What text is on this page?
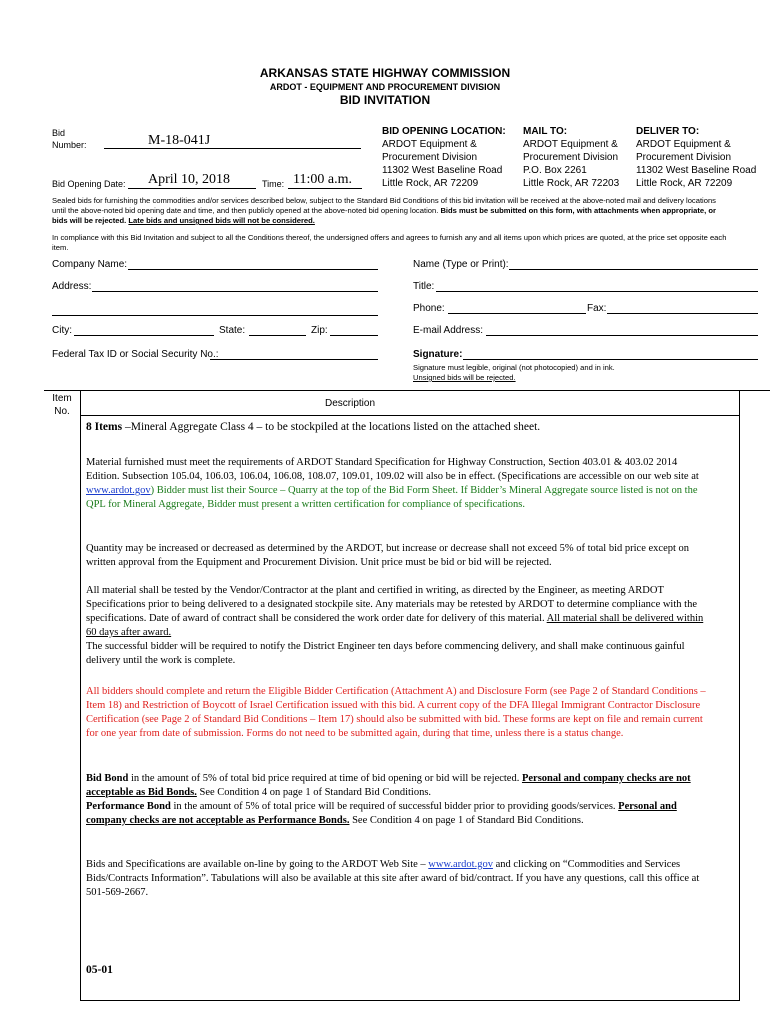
ARKANSAS STATE HIGHWAY COMMISSION
ARDOT - EQUIPMENT AND PROCUREMENT DIVISION
BID INVITATION
Bid
Number:	M-18-041J
Bid Opening Date: April 10, 2018	Time: 11:00 a.m.
BID OPENING LOCATION:
ARDOT Equipment &
Procurement Division
11302 West Baseline Road
Little Rock, AR 72209
MAIL TO:
ARDOT Equipment &
Procurement Division
P.O. Box 2261
Little Rock, AR 72203
DELIVER TO:
ARDOT Equipment &
Procurement Division
11302 West Baseline Road
Little Rock, AR 72209
Sealed bids for furnishing the commodities and/or services described below, subject to the Standard Bid Conditions of this bid invitation will be received at the above-noted mail and delivery locations until the above-noted bid opening date and time, and then publicly opened at the above-noted bid opening location. Bids must be submitted on this form, with attachments when appropriate, or bids will be rejected. Late bids and unsigned bids will not be considered.
In compliance with this Bid Invitation and subject to all the Conditions thereof, the undersigned offers and agrees to furnish any and all items upon which prices are quoted, at the price set opposite each item.
Company Name:
Address:
City:	State:	Zip:
Federal Tax ID or Social Security No.:
Name (Type or Print):
Title:
Phone:	Fax:
E-mail Address:
Signature:
Signature must legible, original (not photocopied) and in ink.
Unsigned bids will be rejected.
Item
No.
Description
8 Items –Mineral Aggregate Class 4 – to be stockpiled at the locations listed on the attached sheet.
Material furnished must meet the requirements of ARDOT Standard Specification for Highway Construction, Section 403.01 & 403.02 2014 Edition. Subsection 105.04, 106.03, 106.04, 106.08, 108.07, 109.01, 109.02 will also be in effect. (Specifications are accessible on our web site at www.ardot.gov) Bidder must list their Source – Quarry at the top of the Bid Form Sheet. If Bidder’s Mineral Aggregate source listed is not on the QPL for Mineral Aggregate, Bidder must present a written certification for compliance of specifications.
Quantity may be increased or decreased as determined by the ARDOT, but increase or decrease shall not exceed 5% of total bid price except on written approval from the Equipment and Procurement Division. Unit price must be bid or bid will be rejected.
All material shall be tested by the Vendor/Contractor at the plant and certified in writing, as directed by the Engineer, as meeting ARDOT Specifications prior to being delivered to a designated stockpile site. Any materials may be retested by ARDOT to determine compliance with the specifications. Date of award of contract shall be considered the work order date for delivery of this material. All material shall be delivered within 60 days after award.
The successful bidder will be required to notify the District Engineer ten days before commencing delivery, and shall make continuous gainful delivery until the work is complete.
All bidders should complete and return the Eligible Bidder Certification (Attachment A) and Disclosure Form (see Page 2 of Standard Conditions – Item 18) and Restriction of Boycott of Israel Certification issued with this bid. A current copy of the DFA Illegal Immigrant Contractor Disclosure Certification (see Page 2 of Standard Bid Conditions – Item 17) should also be submitted with bid. These forms are kept on file and remain current for one year from date of submission. Forms do not need to be submitted again, during that time, unless there is a status change.
Bid Bond in the amount of 5% of total bid price required at time of bid opening or bid will be rejected. Personal and company checks are not acceptable as Bid Bonds. See Condition 4 on page 1 of Standard Bid Conditions.
Performance Bond in the amount of 5% of total price will be required of successful bidder prior to providing goods/services. Personal and company checks are not acceptable as Performance Bonds. See Condition 4 on page 1 of Standard Bid Conditions.
Bids and Specifications are available on-line by going to the ARDOT Web Site – www.ardot.gov and clicking on “Commodities and Services Bids/Contracts Information”. Tabulations will also be available at this site after award of bid/contract. If you have any questions, call this office at 501-569-2667.
05-01
